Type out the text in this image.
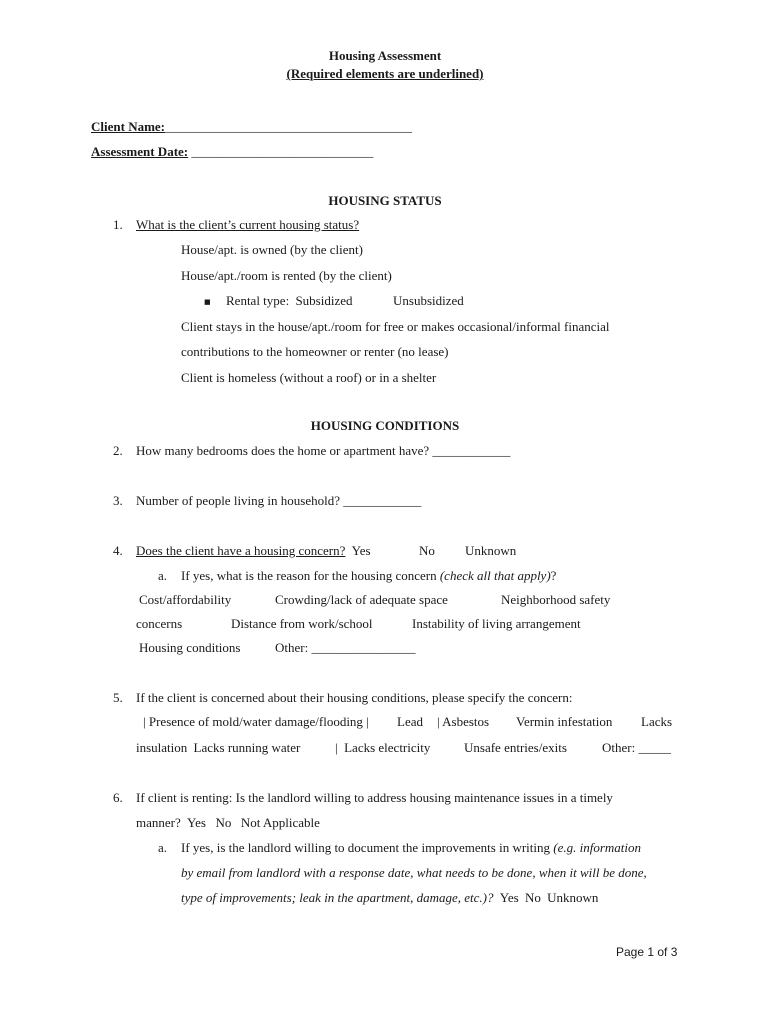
Housing Assessment
(Required elements are underlined)
Client Name:______________________________________
Assessment Date: ____________________________
HOUSING STATUS
1. What is the client’s current housing status?
House/apt. is owned (by the client)
House/apt./room is rented (by the client)
■ Rental type: Subsidized	Unsubsidized
Client stays in the house/apt./room for free or makes occasional/informal financial
contributions to the homeowner or renter (no lease)
Client is homeless (without a roof) or in a shelter
HOUSING CONDITIONS
2. How many bedrooms does the home or apartment have? ____________
3. Number of people living in household? ____________
4. Does the client have a housing concern? Yes	No Unknown
a. If yes, what is the reason for the housing concern (check all that apply)?
Cost/affordability	Crowding/lack of adequate space	Neighborhood safety
concerns	Distance from work/school	Instability of living arrangement
Housing conditions	Other: ________________
5. If the client is concerned about their housing conditions, please specify the concern:
| Presence of mold/water damage/flooding | Lead | Asbestos Vermin infestation Lacks
insulation Lacks running water	| Lacks electricity	Unsafe entries/exits	Other: _____
6. If client is renting: Is the landlord willing to address housing maintenance issues in a timely
manner? Yes No Not Applicable
a. If yes, is the landlord willing to document the improvements in writing (e.g. information
by email from landlord with a response date, what needs to be done, when it will be done,
type of improvements; leak in the apartment, damage, etc.)? Yes No Unknown
Page 1 of 3
